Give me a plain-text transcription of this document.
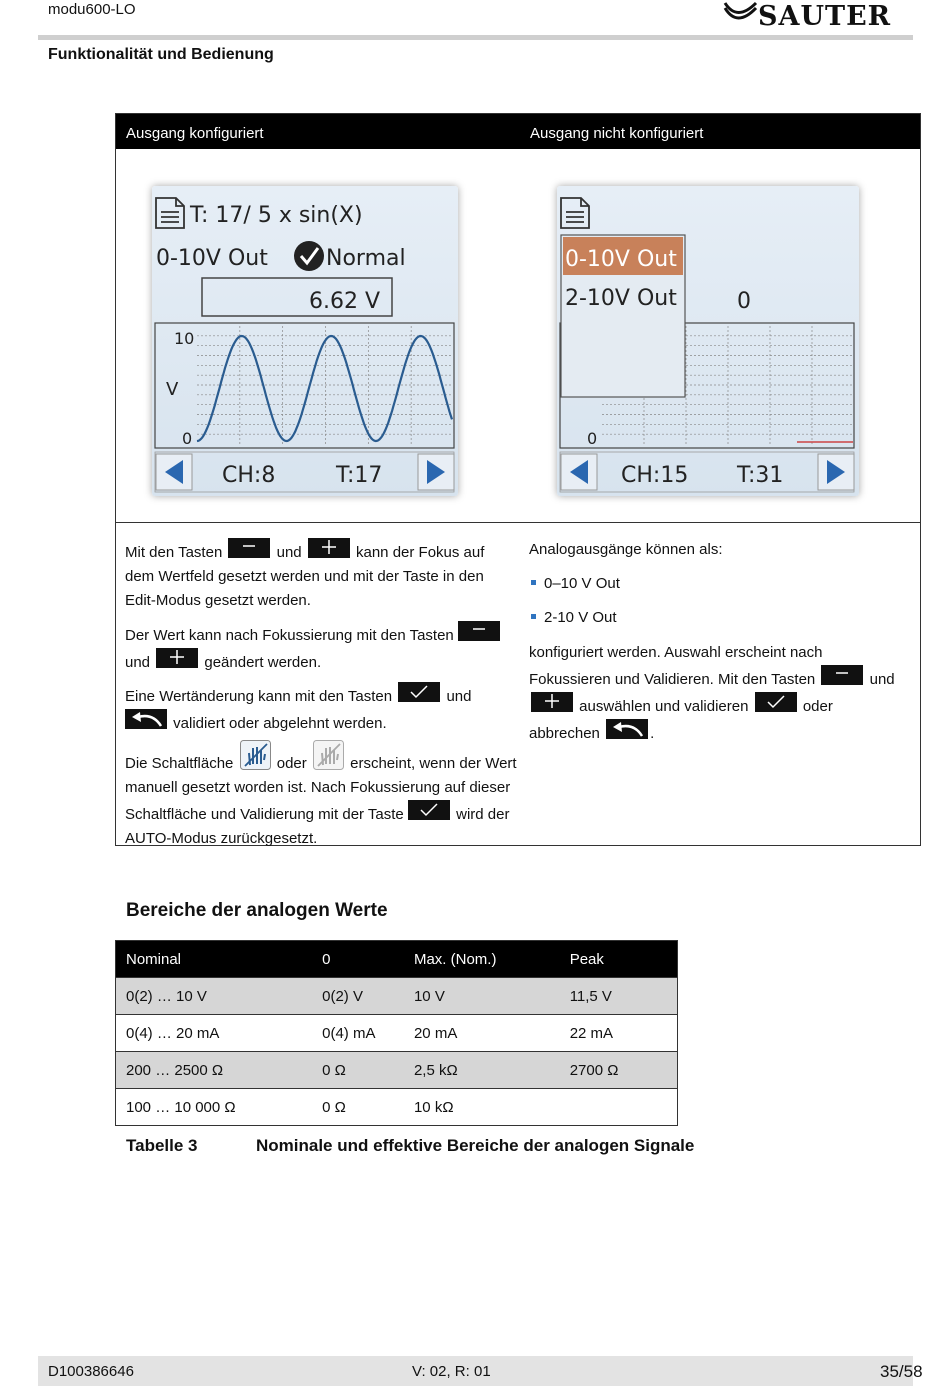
modu600-LO	SAUTER
Funktionalität und Bedienung
Ausgang konfiguriert	Ausgang nicht konfiguriert
T: 17/ 5 x sin(X)
0-10V Out	Normal
6.62 V
10
V
0
CH:8	T:17
0
0
0-10V Out
2-10V Out
CH:15 T:31
Mit den Tasten	und	kann der Fokus auf dem Wertfeld gesetzt werden und mit der Taste in den Edit-Modus gesetzt werden.
Der Wert kann nach Fokussierung mit den Tasten
und	geändert werden.
Eine Wertänderung kann mit den Tasten	und

validiert oder abgelehnt werden.
Die Schaltfläche	oder	erscheint, wenn der Wert manuell gesetzt worden ist. Nach Fokussierung auf dieser Schaltfläche und Validierung mit der Taste	wird der AUTO-Modus zurückgesetzt.
Analogausgänge können als:
0–10 V Out
2-10 V Out
konfiguriert werden. Auswahl erscheint nach Fokussieren und Validieren. Mit den Tasten	und
auswählen und validieren	oder abbrechen	.
Bereiche der analogen Werte
Nominal	0	Max. (Nom.)	Peak
0(2) … 10 V	0(2) V	10 V	11,5 V
0(4) … 20 mA	0(4) mA	20 mA	22 mA
200 … 2500 Ω	0 Ω	2,5 kΩ	2700 Ω
100 … 10 000 Ω	0 Ω	10 kΩ	
Tabelle 3	Nominale und effektive Bereiche der analogen Signale
D100386646	V: 02, R: 01	35/58
